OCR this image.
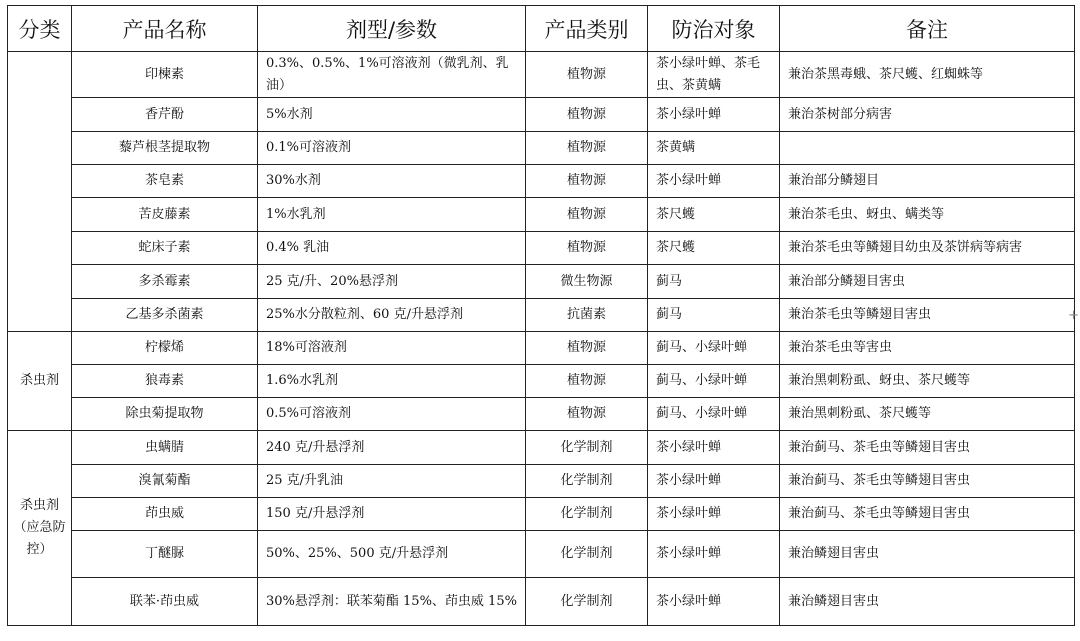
分类	产品名称	剂型/参数	产品类别	防治对象	备注
	印楝素	0.3%、0.5%、1%可溶液剂（微乳剂、乳油）	植物源	茶小绿叶蝉、茶毛虫、茶黄螨	兼治茶黑毒蛾、茶尺蠖、红蜘蛛等
	香芹酚	5%水剂	植物源	茶小绿叶蝉	兼治茶树部分病害
	藜芦根茎提取物	0.1%可溶液剂	植物源	茶黄螨	
	茶皂素	30%水剂	植物源	茶小绿叶蝉	兼治部分鳞翅目
	苦皮藤素	1%水乳剂	植物源	茶尺蠖	兼治茶毛虫、蚜虫、螨类等
	蛇床子素	0.4% 乳油	植物源	茶尺蠖	兼治茶毛虫等鳞翅目幼虫及茶饼病等病害
	多杀霉素	25 克/升、20%悬浮剂	微生物源	蓟马	兼治部分鳞翅目害虫
	乙基多杀菌素	25%水分散粒剂、60 克/升悬浮剂	抗菌素	蓟马	兼治茶毛虫等鳞翅目害虫
杀虫剂	柠檬烯	18%可溶液剂	植物源	蓟马、小绿叶蝉	兼治茶毛虫等害虫
	狼毒素	1.6%水乳剂	植物源	蓟马、小绿叶蝉	兼治黑刺粉虱、蚜虫、茶尺蠖等
	除虫菊提取物	0.5%可溶液剂	植物源	蓟马、小绿叶蝉	兼治黑刺粉虱、茶尺蠖等
杀虫剂（应急防控）	虫螨腈	240 克/升悬浮剂	化学制剂	茶小绿叶蝉	兼治蓟马、茶毛虫等鳞翅目害虫
	溴氰菊酯	25 克/升乳油	化学制剂	茶小绿叶蝉	兼治蓟马、茶毛虫等鳞翅目害虫
	茚虫威	150 克/升悬浮剂	化学制剂	茶小绿叶蝉	兼治蓟马、茶毛虫等鳞翅目害虫
	丁醚脲	50%、25%、500 克/升悬浮剂	化学制剂	茶小绿叶蝉	兼治鳞翅目害虫
	联苯·茚虫威	30%悬浮剂：联苯菊酯 15%、茚虫威 15%	化学制剂	茶小绿叶蝉	兼治鳞翅目害虫
+
